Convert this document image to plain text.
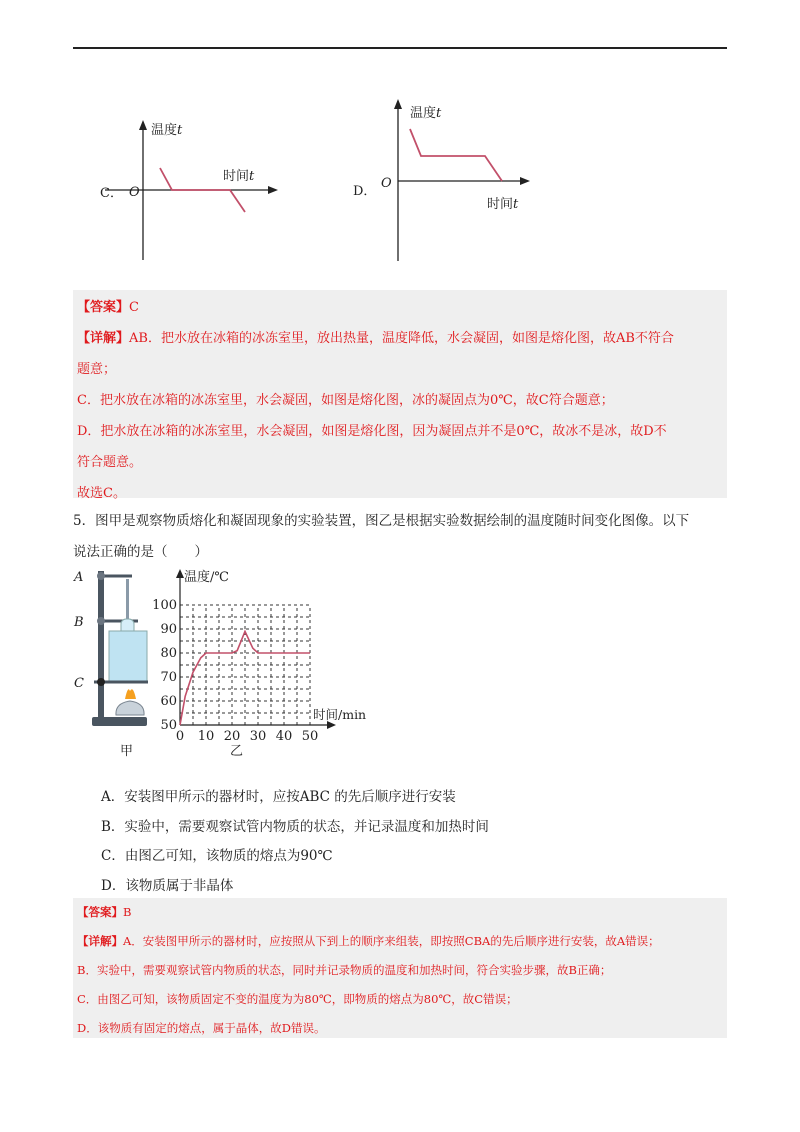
C． O
温度t
时间t
D．
O
温度t
时间t

【答案】C

【详解】AB．把水放在冰箱的冰冻室里，放出热量，温度降低，水会凝固，如图是熔化图，故AB不符合

题意；

C．把水放在冰箱的冰冻室里，水会凝固，如图是熔化图，冰的凝固点为0℃，故C符合题意；

D．把水放在冰箱的冰冻室里，水会凝固，如图是熔化图，因为凝固点并不是0℃，故冰不是冰，故D不

符合题意。

故选C。

5．图甲是观察物质熔化和凝固现象的实验装置，图乙是根据实验数据绘制的温度随时间变化图像。以下
说法正确的是（　　）
A
B
C
甲
0 10 20 30 40 50
50
60
70
80
90
100
温度/℃
时间/min
乙
A．安装图甲所示的器材时，应按ABC 的先后顺序进行安装
B．实验中，需要观察试管内物质的状态，并记录温度和加热时间
C．由图乙可知，该物质的熔点为90℃
D．该物质属于非晶体

【答案】B

【详解】A．安装图甲所示的器材时，应按照从下到上的顺序来组装，即按照CBA的先后顺序进行安装，故A错误；

B．实验中，需要观察试管内物质的状态，同时并记录物质的温度和加热时间，符合实验步骤，故B正确；

C．由图乙可知，该物质固定不变的温度为为80℃，即物质的熔点为80℃，故C错误；

D．该物质有固定的熔点，属于晶体，故D错误。
